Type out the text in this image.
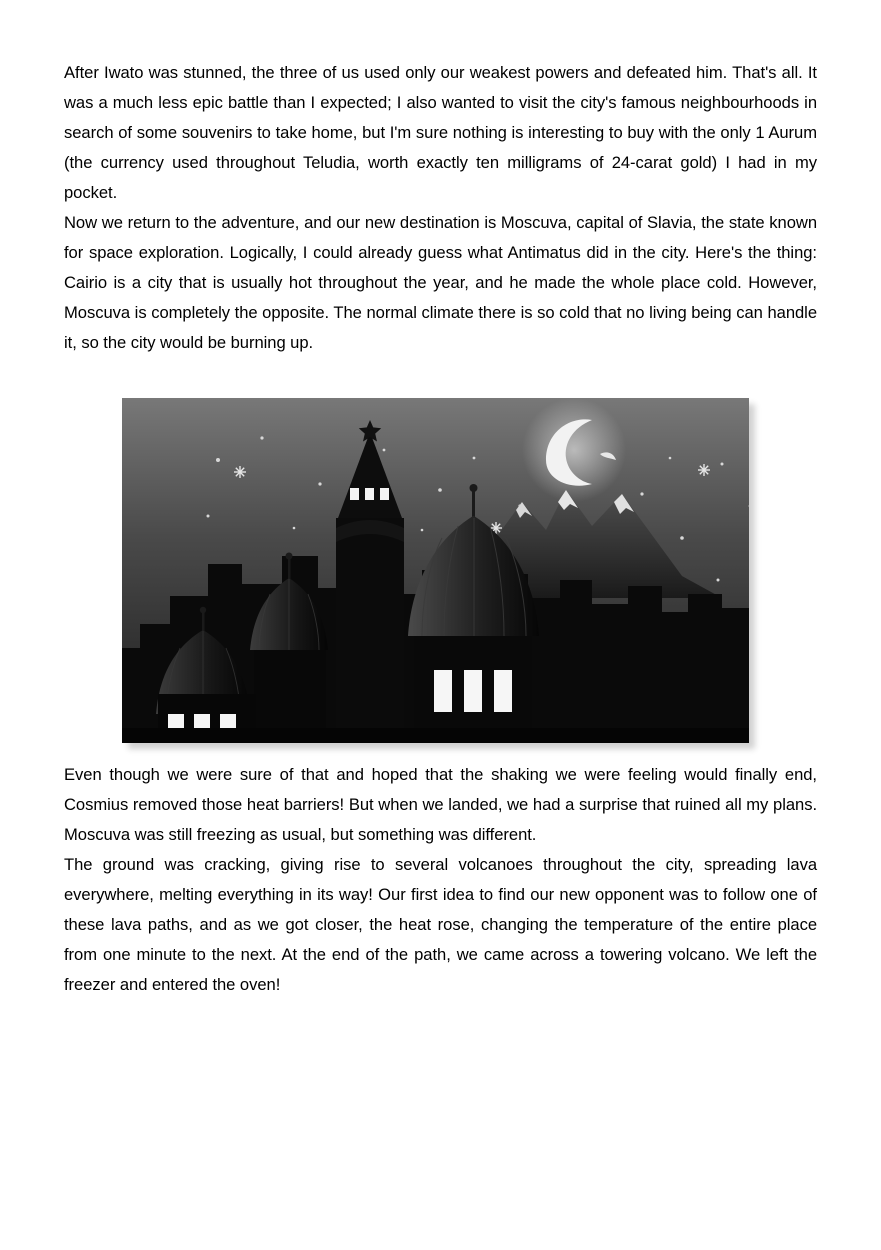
After Iwato was stunned, the three of us used only our weakest powers and defeated him. That's all. It was a much less epic battle than I expected; I also wanted to visit the city's famous neighbourhoods in search of some souvenirs to take home, but I'm sure nothing is interesting to buy with the only 1 Aurum (the currency used throughout Teludia, worth exactly ten milligrams of 24-carat gold) I had in my pocket.

Now we return to the adventure, and our new destination is Moscuva, capital of Slavia, the state known for space exploration. Logically, I could already guess what Antimatus did in the city. Here's the thing: Cairio is a city that is usually hot throughout the year, and he made the whole place cold. However, Moscuva is completely the opposite. The normal climate there is so cold that no living being can handle it, so the city would be burning up.

Even though we were sure of that and hoped that the shaking we were feeling would finally end, Cosmius removed those heat barriers! But when we landed, we had a surprise that ruined all my plans. Moscuva was still freezing as usual, but something was different.

The ground was cracking, giving rise to several volcanoes throughout the city, spreading lava everywhere, melting everything in its way! Our first idea to find our new opponent was to follow one of these lava paths, and as we got closer, the heat rose, changing the temperature of the entire place from one minute to the next. At the end of the path, we came across a towering volcano. We left the freezer and entered the oven!
